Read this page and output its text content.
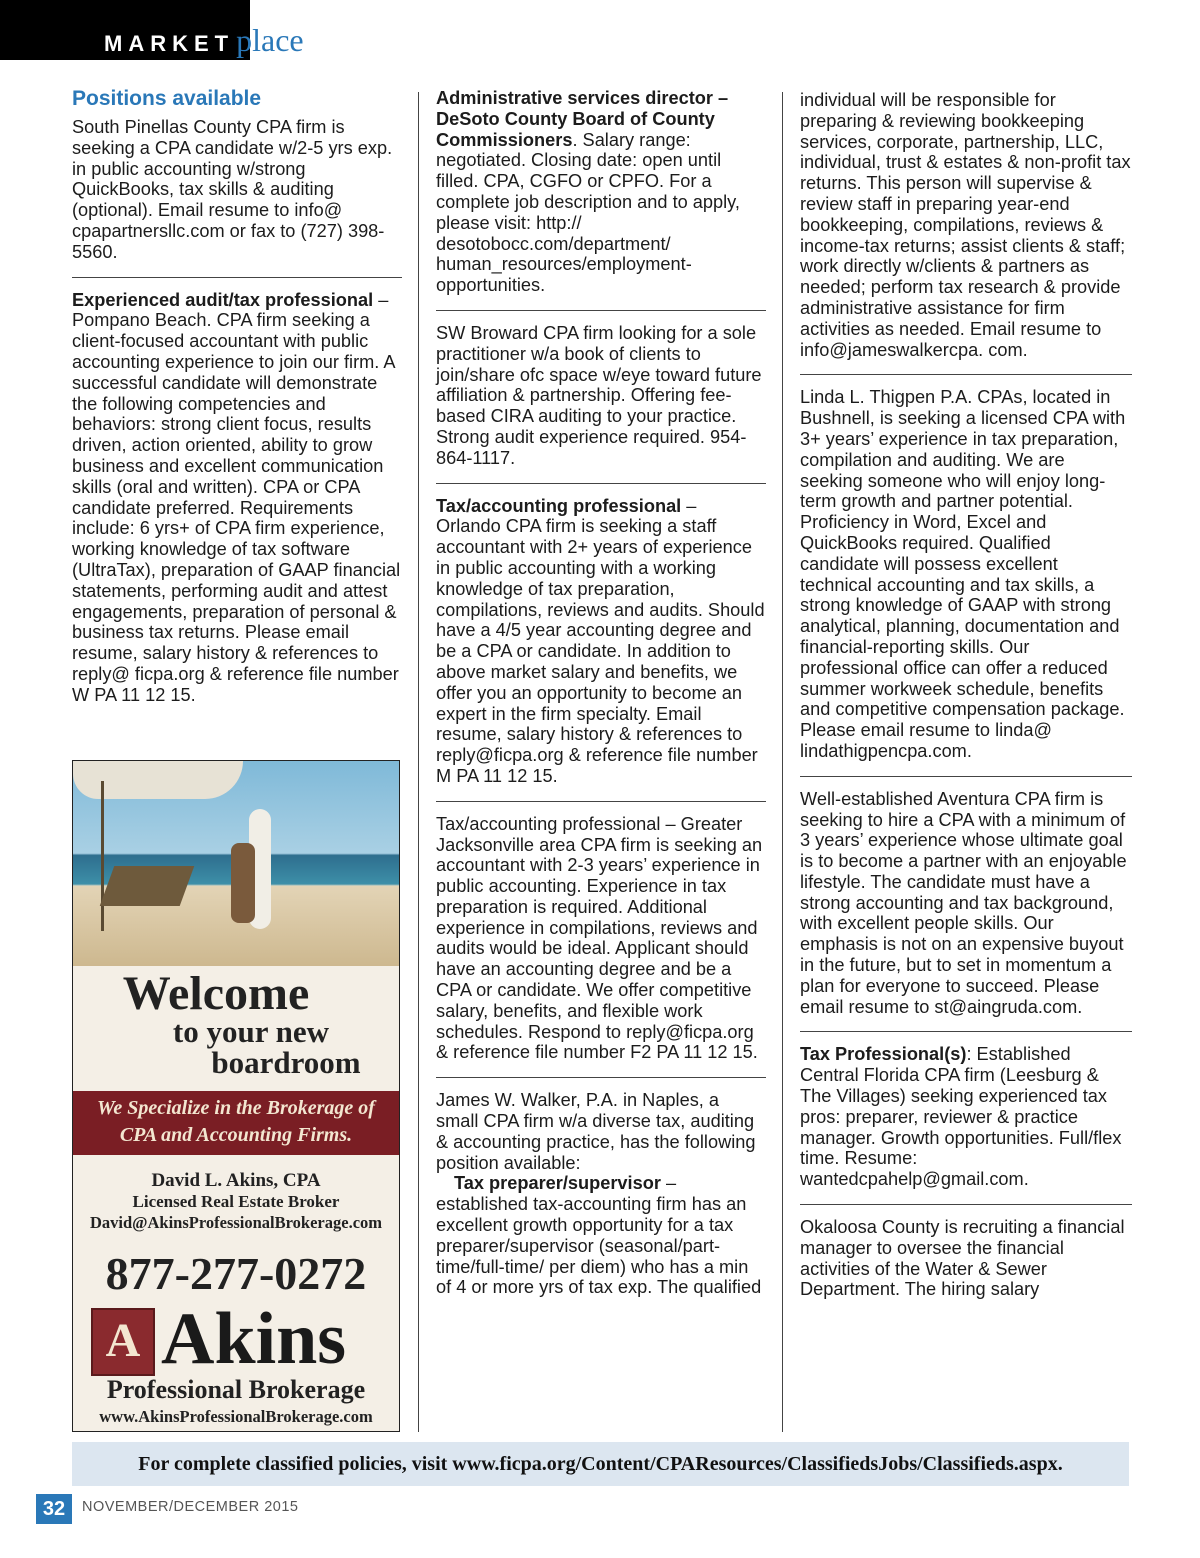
MARKETplace
Positions available

South Pinellas County CPA firm is seeking a CPA candidate w/2-5 yrs exp. in public accounting w/strong QuickBooks, tax skills & auditing (optional). Email resume to info@ cpapartnersllc.com or fax to (727) 398-5560.

Experienced audit/tax professional – Pompano Beach. CPA firm seeking a client-focused accountant with public accounting experience to join our firm. A successful candidate will demonstrate the following competencies and behaviors: strong client focus, results driven, action oriented, ability to grow business and excellent communication skills (oral and written). CPA or CPA candidate preferred. Requirements include: 6 yrs+ of CPA firm experience, working knowledge of tax software (UltraTax), preparation of GAAP financial statements, performing audit and attest engagements, preparation of personal & business tax returns. Please email resume, salary history & references to reply@ ficpa.org & reference file number W PA 11 12 15.

Welcome
to your new
boardroom
We Specialize in the Brokerage of
CPA and Accounting Firms.
David L. Akins, CPA
Licensed Real Estate Broker
David@AkinsProfessionalBrokerage.com
877-277-0272
A Akins
Professional Brokerage
www.AkinsProfessionalBrokerage.com

Administrative services director – DeSoto County Board of County Commissioners. Salary range: negotiated. Closing date: open until filled. CPA, CGFO or CPFO. For a complete job description and to apply, please visit: http:// desotobocc.com/department/ human_resources/employment-opportunities.

SW Broward CPA firm looking for a sole practitioner w/a book of clients to join/share ofc space w/eye toward future affiliation & partnership. Offering fee-based CIRA auditing to your practice. Strong audit experience required. 954-864-1117.

Tax/accounting professional – Orlando CPA firm is seeking a staff accountant with 2+ years of experience in public accounting with a working knowledge of tax preparation, compilations, reviews and audits. Should have a 4/5 year accounting degree and be a CPA or candidate. In addition to above market salary and benefits, we offer you an opportunity to become an expert in the firm specialty. Email resume, salary history & references to reply@ficpa.org & reference file number M PA 11 12 15.

Tax/accounting professional – Greater Jacksonville area CPA firm is seeking an accountant with 2-3 years’ experience in public accounting. Experience in tax preparation is required. Additional experience in compilations, reviews and audits would be ideal. Applicant should have an accounting degree and be a CPA or candidate. We offer competitive salary, benefits, and flexible work schedules. Respond to reply@ficpa.org & reference file number F2 PA 11 12 15.

James W. Walker, P.A. in Naples, a small CPA firm w/a diverse tax, auditing & accounting practice, has the following position available:
Tax preparer/supervisor – established tax-accounting firm has an excellent growth opportunity for a tax preparer/supervisor (seasonal/part-time/full-time/ per diem) who has a min of 4 or more yrs of tax exp. The qualified

individual will be responsible for preparing & reviewing bookkeeping services, corporate, partnership, LLC, individual, trust & estates & non-profit tax returns. This person will supervise & review staff in preparing year-end bookkeeping, compilations, reviews & income-tax returns; assist clients & staff; work directly w/clients & partners as needed; perform tax research & provide administrative assistance for firm activities as needed. Email resume to info@jameswalkercpa. com.

Linda L. Thigpen P.A. CPAs, located in Bushnell, is seeking a licensed CPA with 3+ years’ experience in tax preparation, compilation and auditing. We are seeking someone who will enjoy long-term growth and partner potential. Proficiency in Word, Excel and QuickBooks required. Qualified candidate will possess excellent technical accounting and tax skills, a strong knowledge of GAAP with strong analytical, planning, documentation and financial-reporting skills. Our professional office can offer a reduced summer workweek schedule, benefits and competitive compensation package. Please email resume to linda@ lindathigpencpa.com.

Well-established Aventura CPA firm is seeking to hire a CPA with a minimum of 3 years’ experience whose ultimate goal is to become a partner with an enjoyable lifestyle. The candidate must have a strong accounting and tax background, with excellent people skills. Our emphasis is not on an expensive buyout in the future, but to set in momentum a plan for everyone to succeed. Please email resume to st@aingruda.com.

Tax Professional(s): Established Central Florida CPA firm (Leesburg & The Villages) seeking experienced tax pros: preparer, reviewer & practice manager. Growth opportunities. Full/flex time. Resume: wantedcpahelp@gmail.com.

Okaloosa County is recruiting a financial manager to oversee the financial activities of the Water & Sewer Department. The hiring salary

For complete classified policies, visit www.ficpa.org/Content/CPAResources/ClassifiedsJobs/Classifieds.aspx.
32	NOVEMBER/DECEMBER 2015
